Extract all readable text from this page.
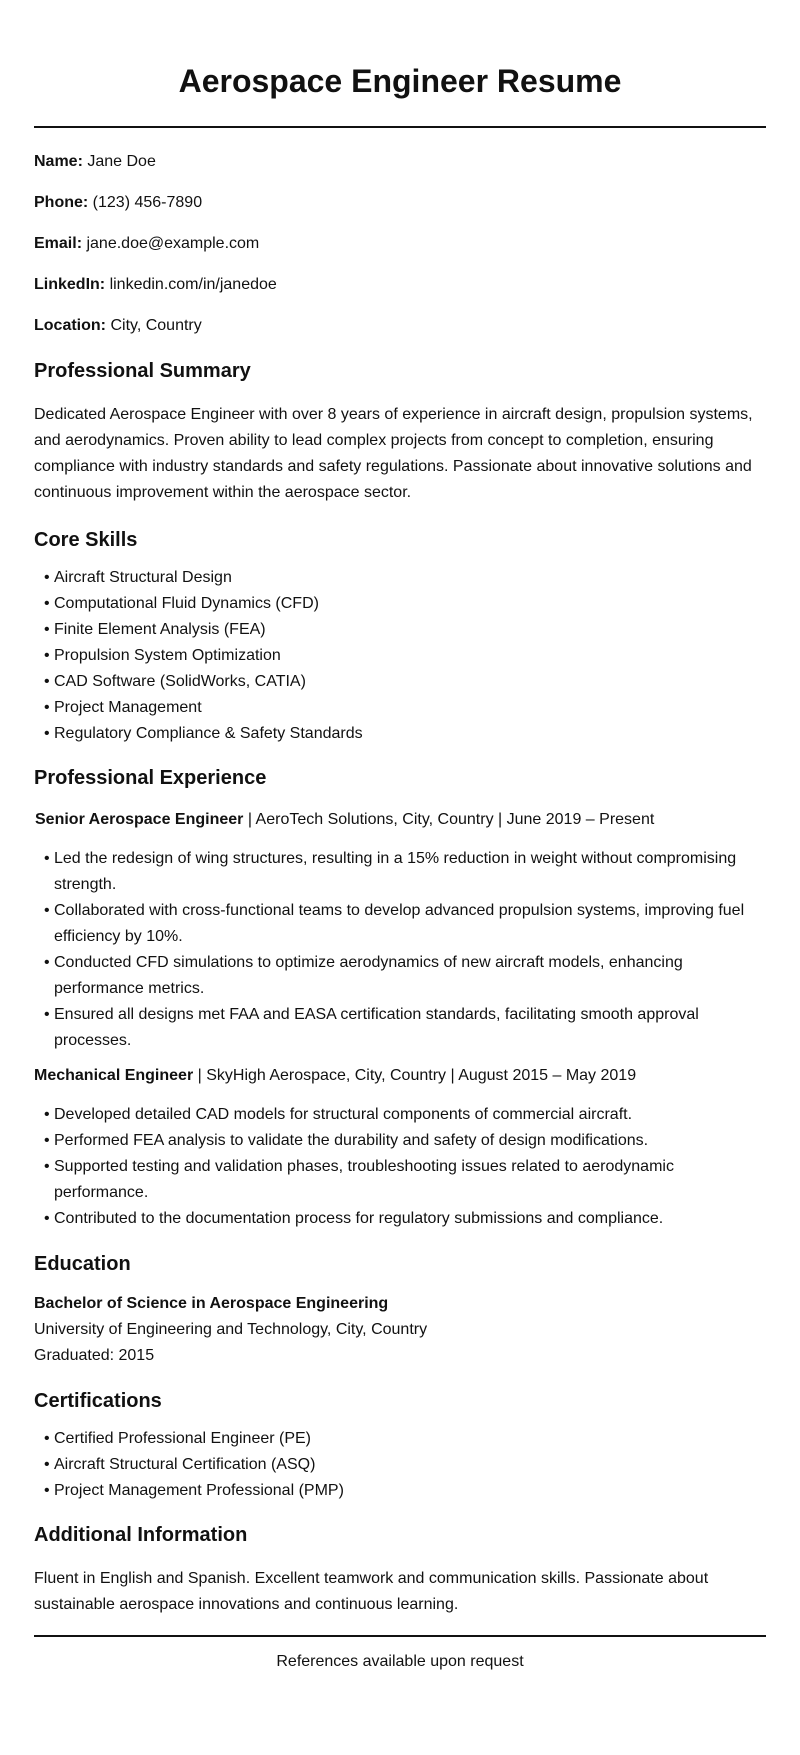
Aerospace Engineer Resume

Name: Jane Doe

Phone: (123) 456-7890

Email: jane.doe@example.com

LinkedIn: linkedin.com/in/janedoe

Location: City, Country

Professional Summary

Dedicated Aerospace Engineer with over 8 years of experience in aircraft design, propulsion systems, and aerodynamics. Proven ability to lead complex projects from concept to completion, ensuring compliance with industry standards and safety regulations. Passionate about innovative solutions and continuous improvement within the aerospace sector.

Core Skills
• Aircraft Structural Design
• Computational Fluid Dynamics (CFD)
• Finite Element Analysis (FEA)
• Propulsion System Optimization
• CAD Software (SolidWorks, CATIA)
• Project Management
• Regulatory Compliance & Safety Standards
Professional Experience

Senior Aerospace Engineer | AeroTech Solutions, City, Country | June 2019 – Present

• Led the redesign of wing structures, resulting in a 15% reduction in weight without compromising strength.
• Collaborated with cross-functional teams to develop advanced propulsion systems, improving fuel efficiency by 10%.
• Conducted CFD simulations to optimize aerodynamics of new aircraft models, enhancing performance metrics.
• Ensured all designs met FAA and EASA certification standards, facilitating smooth approval processes.

Mechanical Engineer | SkyHigh Aerospace, City, Country | August 2015 – May 2019

• Developed detailed CAD models for structural components of commercial aircraft.
• Performed FEA analysis to validate the durability and safety of design modifications.
• Supported testing and validation phases, troubleshooting issues related to aerodynamic performance.
• Contributed to the documentation process for regulatory submissions and compliance.
Education

Bachelor of Science in Aerospace Engineering

University of Engineering and Technology, City, Country

Graduated: 2015

Certifications
• Certified Professional Engineer (PE)
• Aircraft Structural Certification (ASQ)
• Project Management Professional (PMP)
Additional Information

Fluent in English and Spanish. Excellent teamwork and communication skills. Passionate about sustainable aerospace innovations and continuous learning.

References available upon request
